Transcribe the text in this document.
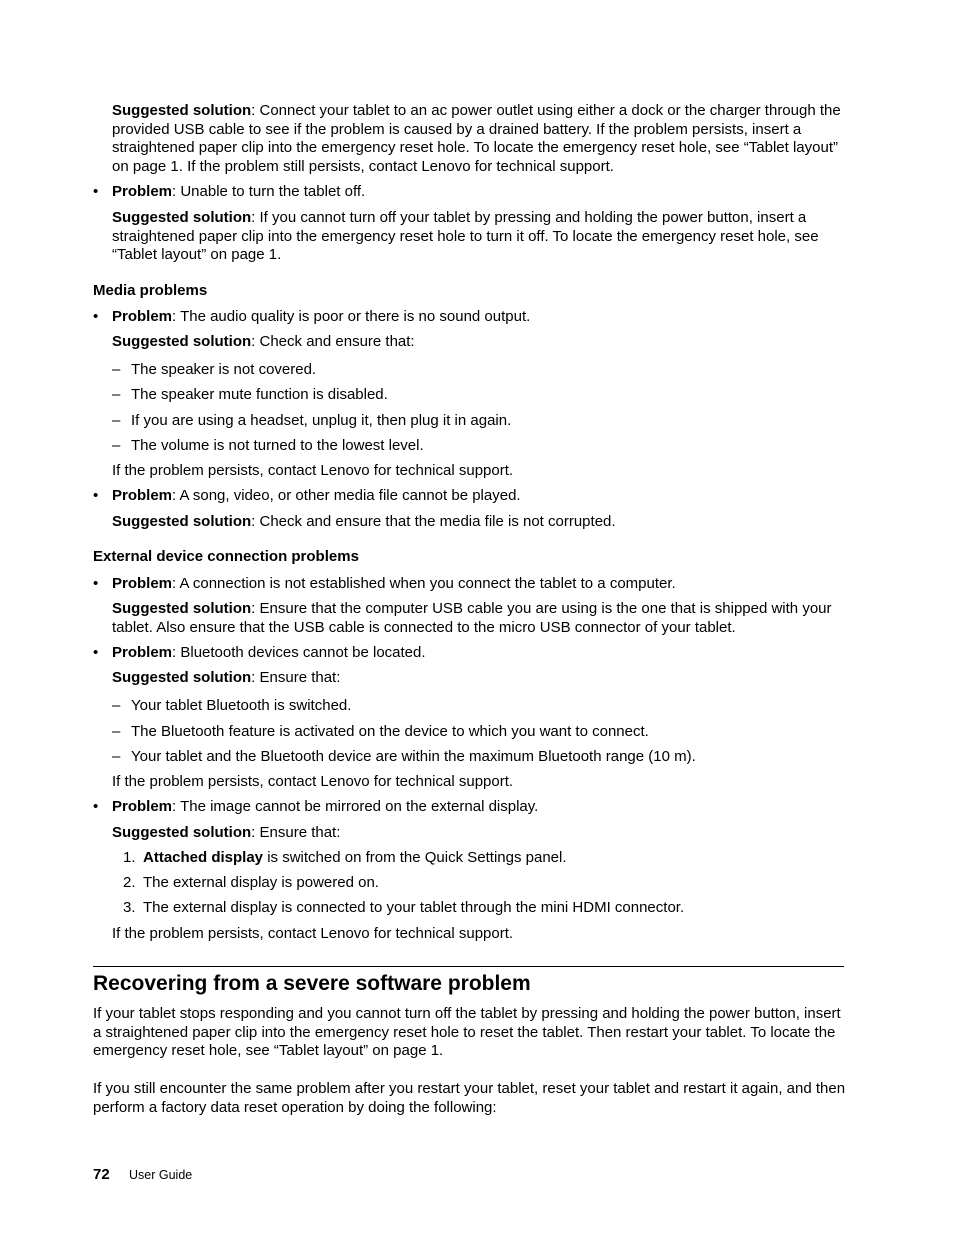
Suggested solution: Connect your tablet to an ac power outlet using either a dock or the charger through the provided USB cable to see if the problem is caused by a drained battery. If the problem persists, insert a straightened paper clip into the emergency reset hole. To locate the emergency reset hole, see “Tablet layout” on page 1. If the problem still persists, contact Lenovo for technical support.
• Problem: Unable to turn the tablet off.
Suggested solution: If you cannot turn off your tablet by pressing and holding the power button, insert a straightened paper clip into the emergency reset hole to turn it off. To locate the emergency reset hole, see “Tablet layout” on page 1.
Media problems
• Problem: The audio quality is poor or there is no sound output.
Suggested solution: Check and ensure that:
– The speaker is not covered.
– The speaker mute function is disabled.
– If you are using a headset, unplug it, then plug it in again.
– The volume is not turned to the lowest level.
If the problem persists, contact Lenovo for technical support.
• Problem: A song, video, or other media file cannot be played.
Suggested solution: Check and ensure that the media file is not corrupted.
External device connection problems
• Problem: A connection is not established when you connect the tablet to a computer.
Suggested solution: Ensure that the computer USB cable you are using is the one that is shipped with your tablet. Also ensure that the USB cable is connected to the micro USB connector of your tablet.
• Problem: Bluetooth devices cannot be located.
Suggested solution: Ensure that:
– Your tablet Bluetooth is switched.
– The Bluetooth feature is activated on the device to which you want to connect.
– Your tablet and the Bluetooth device are within the maximum Bluetooth range (10 m).
If the problem persists, contact Lenovo for technical support.
• Problem: The image cannot be mirrored on the external display.
Suggested solution: Ensure that:
1. Attached display is switched on from the Quick Settings panel.
2. The external display is powered on.
3. The external display is connected to your tablet through the mini HDMI connector.
If the problem persists, contact Lenovo for technical support.
Recovering from a severe software problem
If your tablet stops responding and you cannot turn off the tablet by pressing and holding the power button, insert a straightened paper clip into the emergency reset hole to reset the tablet. Then restart your tablet. To locate the emergency reset hole, see “Tablet layout” on page 1.
If you still encounter the same problem after you restart your tablet, reset your tablet and restart it again, and then perform a factory data reset operation by doing the following:
72 User Guide
